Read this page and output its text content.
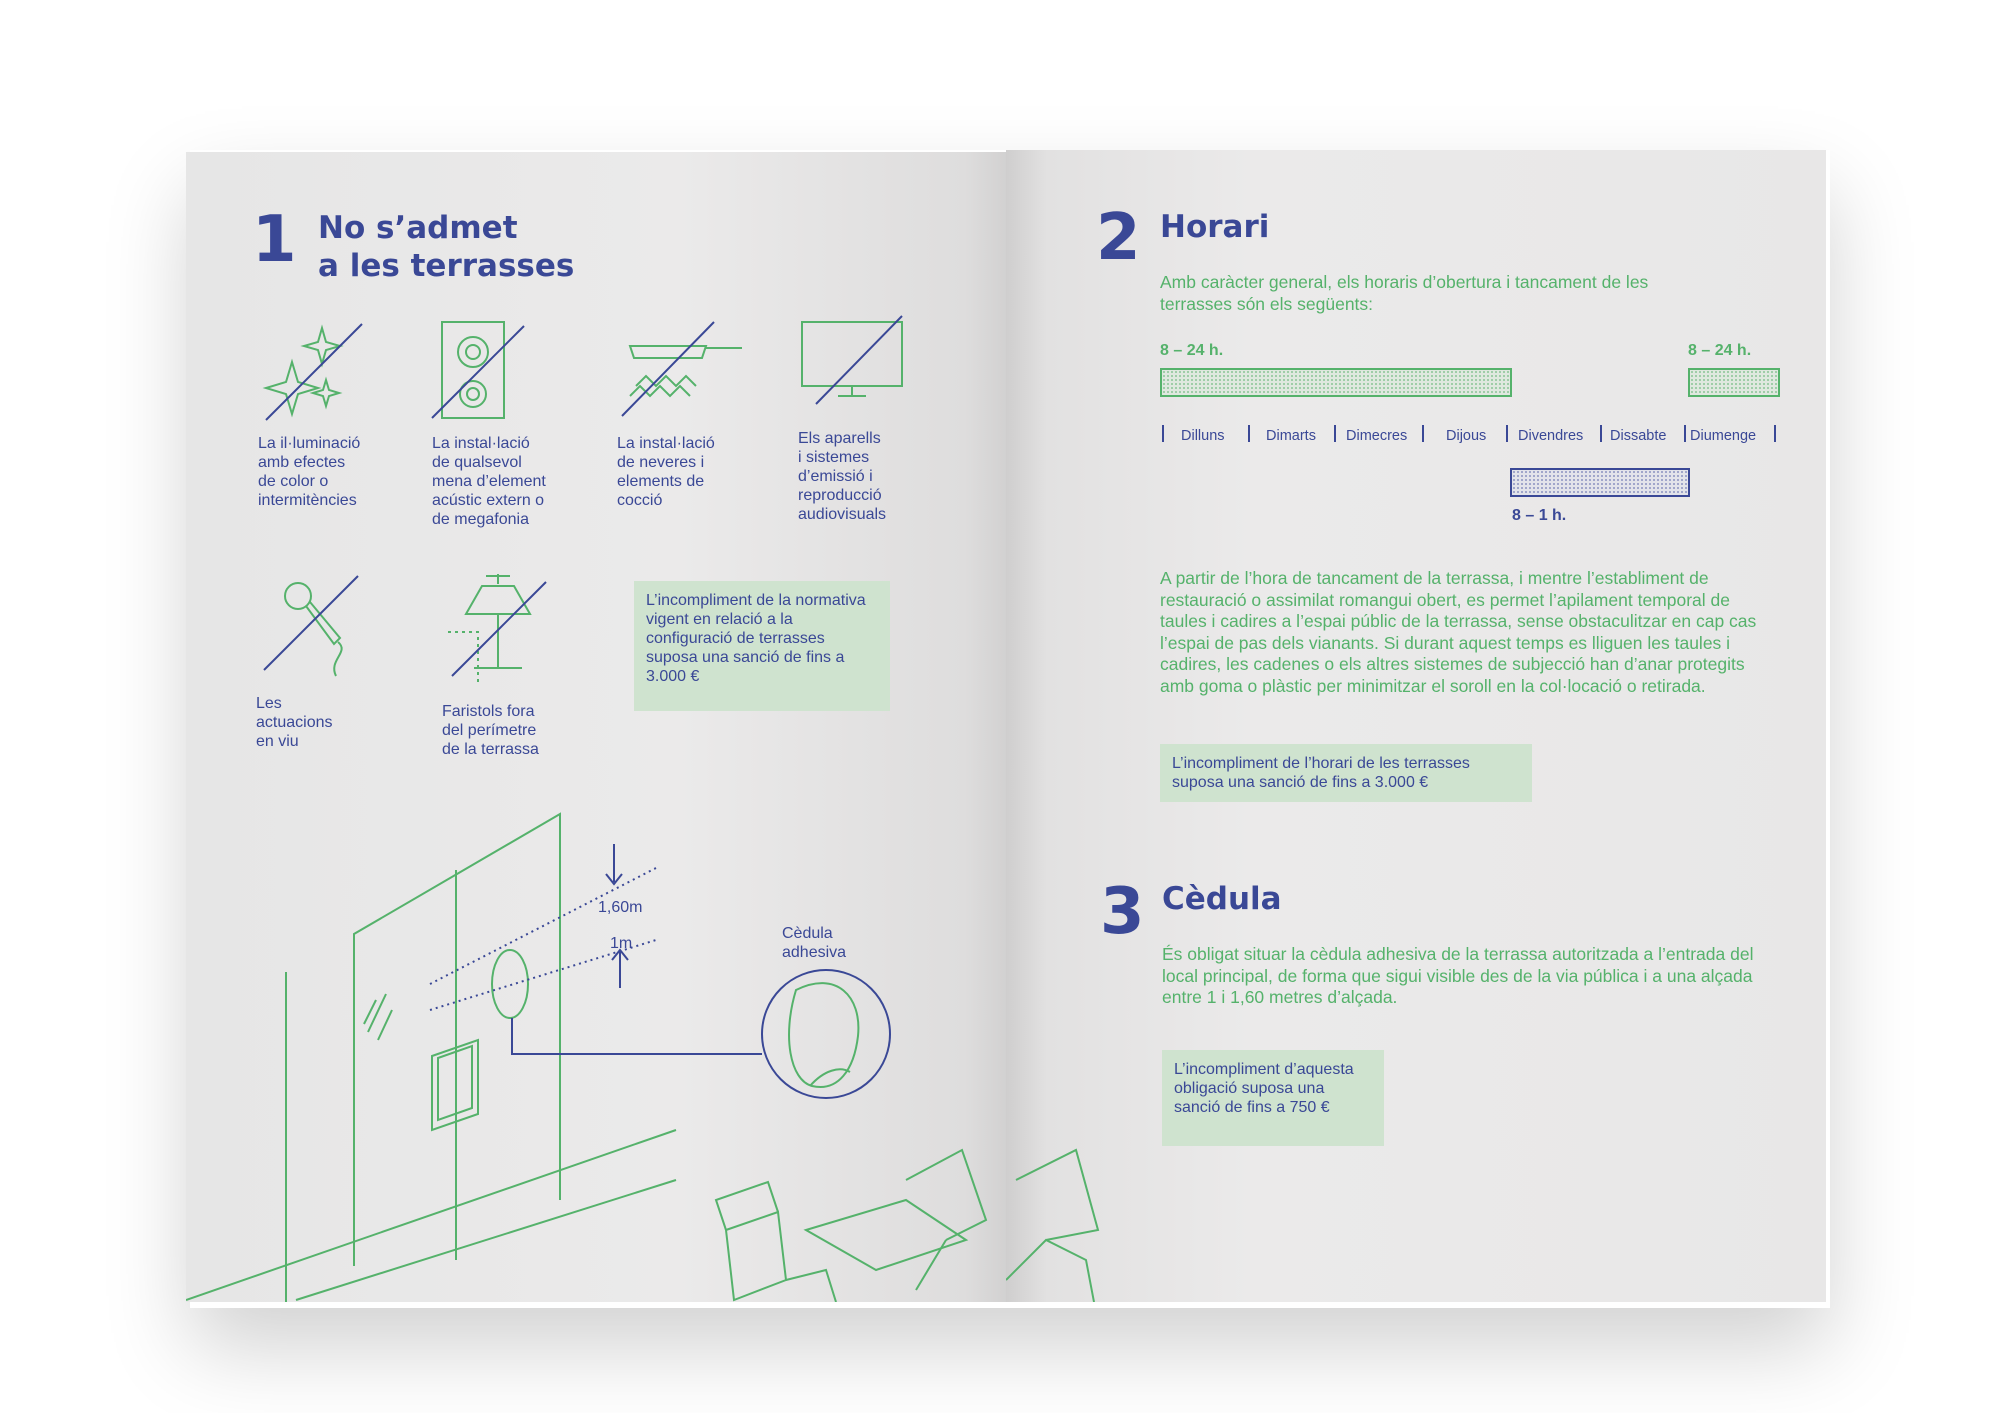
1 No s’admet
a les terrasses
La il·luminació
amb efectes
de color o
intermitències
La instal·lació
de qualsevol
mena d’element
acústic extern o
de megafonia
La instal·lació
de neveres i
elements de
cocció
Els aparells
i sistemes
d’emissió i
reproducció
audiovisuals
Les
actuacions
en viu
Faristols fora
del perímetre
de la terrassa
L’incompliment de la normativa vigent en relació a la configuració de terrasses suposa una sanció de fins a 3.000 €
1,60m
1m
Cèdula
adhesiva
2 Horari
Amb caràcter general, els horaris d’obertura i tancament de les terrasses són els següents:
8 – 24 h.	8 – 24 h.
Dilluns	Dimarts Dimecres	Dijous Divendres Dissabte Diumenge
8 – 1 h.
A partir de l’hora de tancament de la terrassa, i mentre l’establiment de restauració o assimilat romangui obert, es permet l’apilament temporal de taules i cadires a l’espai públic de la terrassa, sense obstaculitzar en cap cas l’espai de pas dels vianants. Si durant aquest temps es lliguen les taules i cadires, les cadenes o els altres sistemes de subjecció han d’anar protegits amb goma o plàstic per minimitzar el soroll en la col·locació o retirada.
L’incompliment de l’horari de les terrasses suposa una sanció de fins a 3.000 €
3 Cèdula
És obligat situar la cèdula adhesiva de la terrassa autoritzada a l’entrada del local principal, de forma que sigui visible des de la via pública i a una alçada entre 1 i 1,60 metres d’alçada.
L’incompliment d’aquesta obligació suposa una sanció de fins a 750 €
